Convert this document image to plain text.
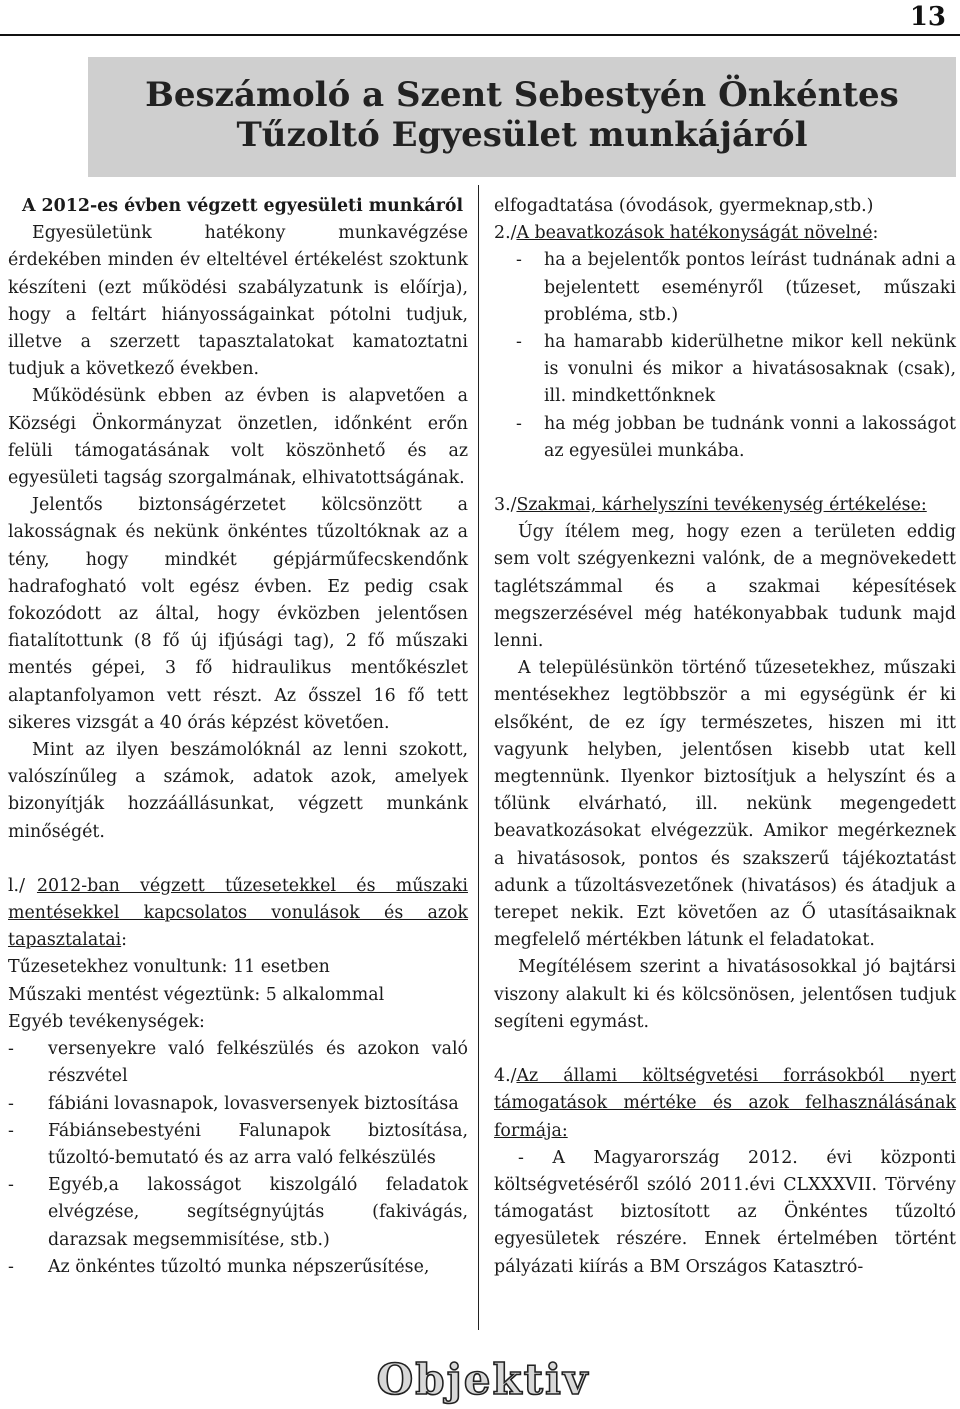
13
Beszámoló a Szent Sebestyén Önkéntes
Tűzoltó Egyesület munkájáról

A 2012-es évben végzett egyesületi munkáról

Egyesületünk hatékony munkavégzése érdekében minden év elteltével értékelést szoktunk készíteni (ezt működési szabályzatunk is előírja), hogy a feltárt hiányosságainkat pótolni tudjuk, illetve a szerzett tapasztalatokat kamatoztatni tudjuk a következő években.

Működésünk ebben az évben is alapvetően a Községi Önkormányzat önzetlen, időnként erőn felüli támogatásának volt köszönhető és az egyesületi tagság szorgalmának, elhivatottságának.

Jelentős biztonságérzetet kölcsönzött a lakosságnak és nekünk önkéntes tűzoltóknak az a tény, hogy mindkét gépjárműfecskendőnk hadrafogható volt egész évben. Ez pedig csak fokozódott az által, hogy évközben jelentősen fiatalítottunk (8 fő új ifjúsági tag), 2 fő műszaki mentés gépei, 3 fő hidraulikus mentőkészlet alaptanfolyamon vett részt. Az ősszel 16 fő tett sikeres vizsgát a 40 órás képzést követően.

Mint az ilyen beszámolóknál az lenni szokott, valószínűleg a számok, adatok azok, amelyek bizonyítják hozzáállásunkat, végzett munkánk minőségét.

l./ 2012-ban végzett tűzesetekkel és műszaki mentésekkel kapcsolatos vonulások és azok tapasztalatai:

Tűzesetekhez vonultunk: 11 esetben

Műszaki mentést végeztünk: 5 alkalommal

Egyéb tevékenységek:

-	versenyekre való felkészülés és azokon való részvétel
-	fábiáni lovasnapok, lovasversenyek biztosítása
-	Fábiánsebestyéni Falunapok biztosítása, tűzoltó-bemutató és az arra való felkészülés
-	Egyéb,a lakosságot kiszolgáló feladatok elvégzése, segítségnyújtás (fakivágás, darazsak megsemmisítése, stb.)
-	Az önkéntes tűzoltó munka népszerűsítése,

elfogadtatása (óvodások, gyermeknap,stb.)

2./A beavatkozások hatékonyságát növelné:

-	ha a bejelentők pontos leírást tudnának adni a bejelentett eseményről (tűzeset, műszaki probléma, stb.)
-	ha hamarabb kiderülhetne mikor kell nekünk is vonulni és mikor a hivatásosaknak (csak), ill. mindkettőnknek
-	ha még jobban be tudnánk vonni a lakosságot az egyesülei munkába.

3./Szakmai, kárhelyszíni tevékenység értékelése:

Úgy ítélem meg, hogy ezen a területen eddig sem volt szégyenkezni valónk, de a megnövekedett taglétszámmal és a szakmai képesítések megszerzésével még hatékonyabbak tudunk majd lenni.

A településünkön történő tűzesetekhez, műszaki mentésekhez legtöbbször a mi egységünk ér ki elsőként, de ez így természetes, hiszen mi itt vagyunk helyben, jelentősen kisebb utat kell megtennünk. Ilyenkor biztosítjuk a helyszínt és a tőlünk elvárható, ill. nekünk megengedett beavatkozásokat elvégezzük. Amikor megérkeznek a hivatásosok, pontos és szakszerű tájékoztatást adunk a tűzoltásvezetőnek (hivatásos) és átadjuk a terepet nekik. Ezt követően az Ő utasításaiknak megfelelő mértékben látunk el feladatokat.

Megítélésem szerint a hivatásosokkal jó bajtársi viszony alakult ki és kölcsönösen, jelentősen tudjuk segíteni egymást.

4./Az állami költségvetési forrásokból nyert támogatások mértéke és azok felhasználásának formája:

- A Magyarország 2012. évi központi költségvetéséről szóló 2011.évi CLXXXVII. Törvény támogatást biztosított az Önkéntes tűzoltó egyesületek részére. Ennek értelmében történt pályázati kiírás a BM Országos Katasztró-

Objektiv
